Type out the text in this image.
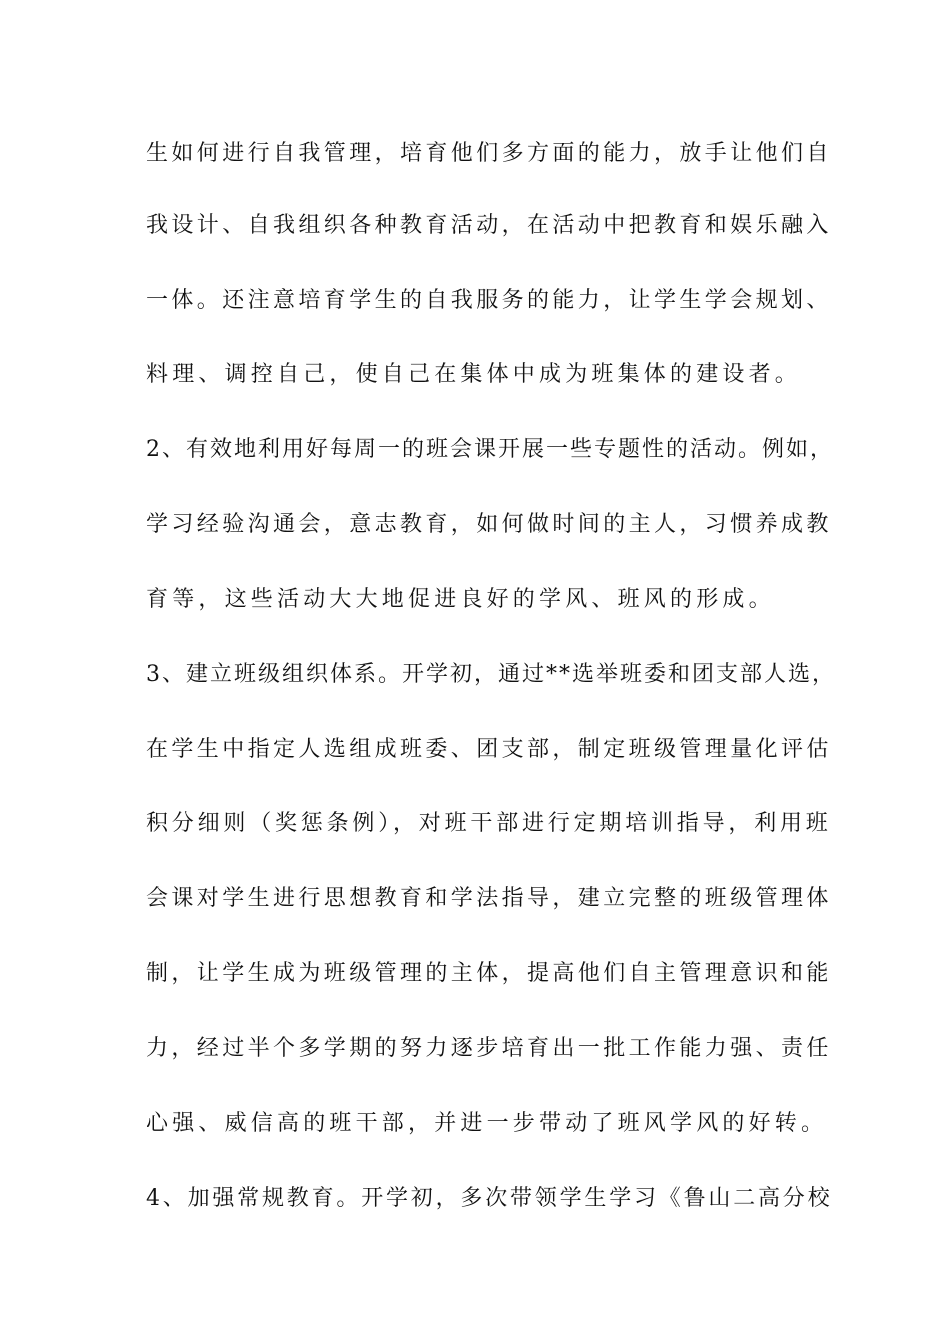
生如何进行自我管理，培育他们多方面的能力，放手让他们自
我设计、自我组织各种教育活动，在活动中把教育和娱乐融入
一体。还注意培育学生的自我服务的能力，让学生学会规划、
料理、调控自己，使自己在集体中成为班集体的建设者。
2、有效地利用好每周一的班会课开展一些专题性的活动。例如，
学习经验沟通会，意志教育，如何做时间的主人，习惯养成教
育等，这些活动大大地促进良好的学风、班风的形成。
3、建立班级组织体系。开学初，通过**选举班委和团支部人选，
在学生中指定人选组成班委、团支部，制定班级管理量化评估
积分细则（奖惩条例），对班干部进行定期培训指导，利用班
会课对学生进行思想教育和学法指导，建立完整的班级管理体
制，让学生成为班级管理的主体，提高他们自主管理意识和能
力，经过半个多学期的努力逐步培育出一批工作能力强、责任
心强、威信高的班干部，并进一步带动了班风学风的好转。
4、加强常规教育。开学初，多次带领学生学习《鲁山二高分校
